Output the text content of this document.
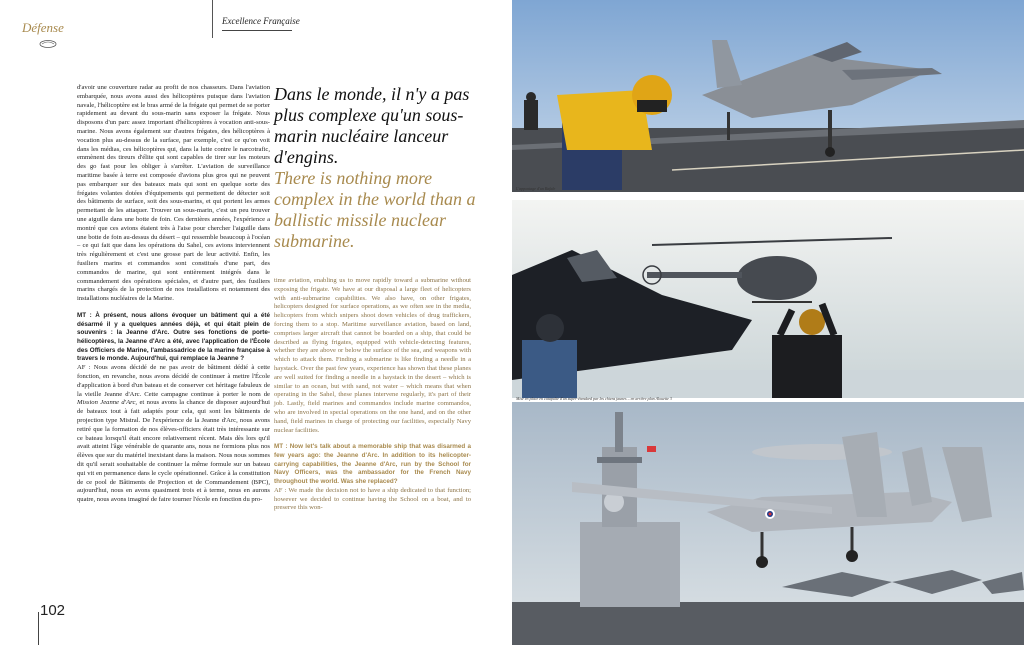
Défense	Excellence Française

d'avoir une couverture radar au profit de nos chasseurs. Dans l'aviation embarquée, nous avons aussi des hélicoptères puisque dans l'aviation navale, l'hélicoptère est le bras armé de la frégate qui permet de se porter rapidement au devant du sous-marin sans exposer la frégate. Nous disposons d'un parc assez important d'hélicoptères à vocation anti-sous-marine. Nous avons également sur d'autres frégates, des hélicoptères à vocation plus au-dessus de la surface, par exemple, c'est ce qu'on voit dans les médias, ces hélicoptères qui, dans la lutte contre le narcotrafic, emmènent des tireurs d'élite qui sont capables de tirer sur les moteurs des go fast pour les obliger à s'arrêter. L'aviation de surveillance maritime basée à terre est composée d'avions plus gros qui ne peuvent pas embarquer sur des bateaux mais qui sont en quelque sorte des frégates volantes dotées d'équipements qui permettent de détecter soit des bâtiments de surface, soit des sous-marins, et qui portent les armes permettant de les attaquer. Trouver un sous-marin, c'est un peu trouver une aiguille dans une botte de foin. Ces dernières années, l'expérience a montré que ces avions étaient très à l'aise pour chercher l'aiguille dans une botte de foin au-dessus du désert – qui ressemble beaucoup à l'océan – ce qui fait que dans les opérations du Sahel, ces avions interviennent très régulièrement et c'est une grosse part de leur activité. Enfin, les fusiliers marins et commandos sont constitués d'une part, des commandos de marine, qui sont entièrement intégrés dans le commandement des opérations spéciales, et d'autre part, des fusiliers marins chargés de la protection de nos installations et notamment des installations nucléaires de la Marine.

MT : À présent, nous allons évoquer un bâtiment qui a été désarmé il y a quelques années déjà, et qui était plein de souvenirs : la Jeanne d'Arc. Outre ses fonctions de porte-hélicoptères, la Jeanne d'Arc a été, avec l'application de l'École des Officiers de Marine, l'ambassadrice de la marine française à travers le monde. Aujourd'hui, qui remplace la Jeanne ?

AF : Nous avons décidé de ne pas avoir de bâtiment dédié à cette fonction, en revanche, nous avons décidé de continuer à mettre l'École d'application à bord d'un bateau et de conserver cet héritage fabuleux de la vieille Jeanne d'Arc. Cette campagne continue à porter le nom de Mission Jeanne d'Arc, et nous avons la chance de disposer aujourd'hui de bateaux tout à fait adaptés pour cela, qui sont les bâtiments de projection type Mistral. De l'expérience de la Jeanne d'Arc, nous avons retiré que la formation de nos élèves-officiers était très intéressante sur ce bateau lorsqu'il était encore relativement récent. Mais dès lors qu'il avait atteint l'âge vénérable de quarante ans, nous ne formions plus nos élèves que sur du matériel inexistant dans la maison. Nous nous sommes dit qu'il serait souhaitable de continuer la même formule sur un bateau qui vit en permanence dans le cycle opérationnel. Grâce à la constitution de ce pool de Bâtiments de Projection et de Commandement (BPC), aujourd'hui, nous en avons quasiment trois et à terme, nous en aurons quatre, nous avons imaginé de faire tourner l'école en fonction du pro-

Dans le monde, il n'y a pas plus complexe qu'un sous-marin nucléaire lanceur d'engins.
There is nothing more complex in the world than a ballistic missile nuclear submarine.

time aviation, enabling us to move rapidly toward a submarine without exposing the frigate. We have at our disposal a large fleet of helicopters with anti-submarine capabilities. We also have, on other frigates, helicopters designed for surface operations, as we often see in the media, helicopters from which snipers shoot down vehicles of drug traffickers, forcing them to a stop. Maritime surveillance aviation, based on land, comprises larger aircraft that cannot be boarded on a ship, that could be described as flying frigates, equipped with vehicle-detecting features, whether they are above or below the surface of the sea, and weapons with which to attack them. Finding a submarine is like finding a needle in a haystack. Over the past few years, experience has shown that these planes are well suited for finding a needle in a haystack in the desert – which is similar to an ocean, but with sand, not water – which means that when operating in the Sahel, these planes intervene regularly, it's part of their job. Lastly, field marines and commandos include marine commandos, who are involved in special operations on the one hand, and on the other hand, field marines in charge of protecting our facilities, especially Navy nuclear facilities.

MT : Now let's talk about a memorable ship that was disarmed a few years ago: the Jeanne d'Arc. In addition to its helicopter-carrying capabilities, the Jeanne d'Arc, run by the School for Navy Officers, was the ambassador for the French Navy throughout the world. Was she replaced?

AF : We made the decision not to have a ship dedicated to that function; however we decided to continue having the School on a boat, and to preserve this won-

102
L'appontage d'un Rafale
Mise en place en catapulte d'un super-étendard par les chiens jaunes – en arrière plan Alouette 3
